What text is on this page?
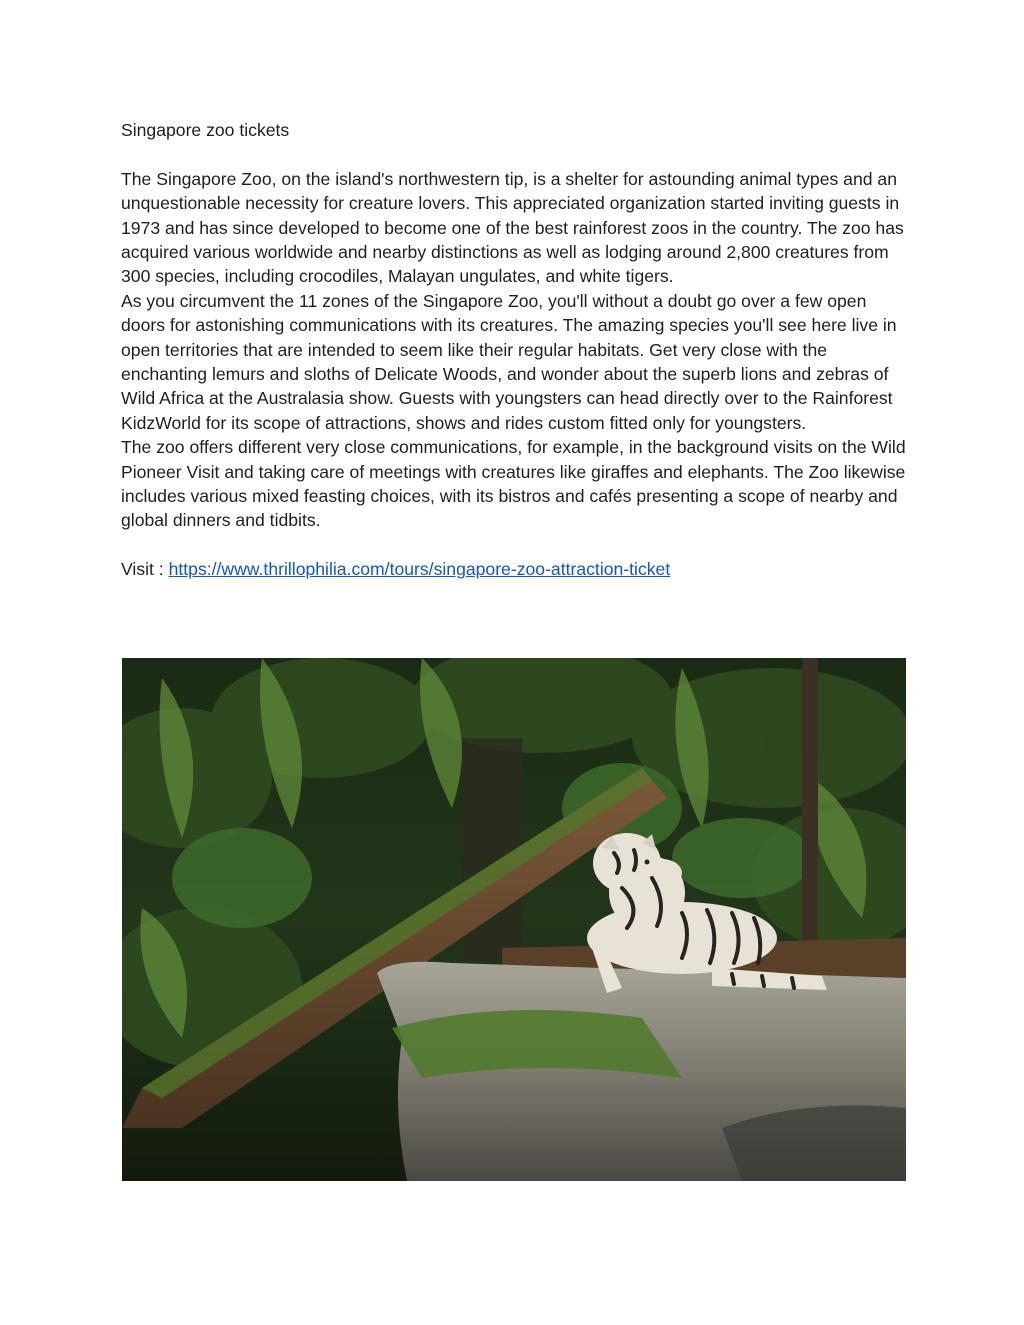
Singapore zoo tickets

The Singapore Zoo, on the island's northwestern tip, is a shelter for astounding animal types and an unquestionable necessity for creature lovers. This appreciated organization started inviting guests in 1973 and has since developed to become one of the best rainforest zoos in the country. The zoo has acquired various worldwide and nearby distinctions as well as lodging around 2,800 creatures from 300 species, including crocodiles, Malayan ungulates, and white tigers.

As you circumvent the 11 zones of the Singapore Zoo, you'll without a doubt go over a few open doors for astonishing communications with its creatures. The amazing species you'll see here live in open territories that are intended to seem like their regular habitats. Get very close with the enchanting lemurs and sloths of Delicate Woods, and wonder about the superb lions and zebras of Wild Africa at the Australasia show. Guests with youngsters can head directly over to the Rainforest KidzWorld for its scope of attractions, shows and rides custom fitted only for youngsters.

The zoo offers different very close communications, for example, in the background visits on the Wild Pioneer Visit and taking care of meetings with creatures like giraffes and elephants. The Zoo likewise includes various mixed feasting choices, with its bistros and cafés presenting a scope of nearby and global dinners and tidbits.

Visit : https://www.thrillophilia.com/tours/singapore-zoo-attraction-ticket
